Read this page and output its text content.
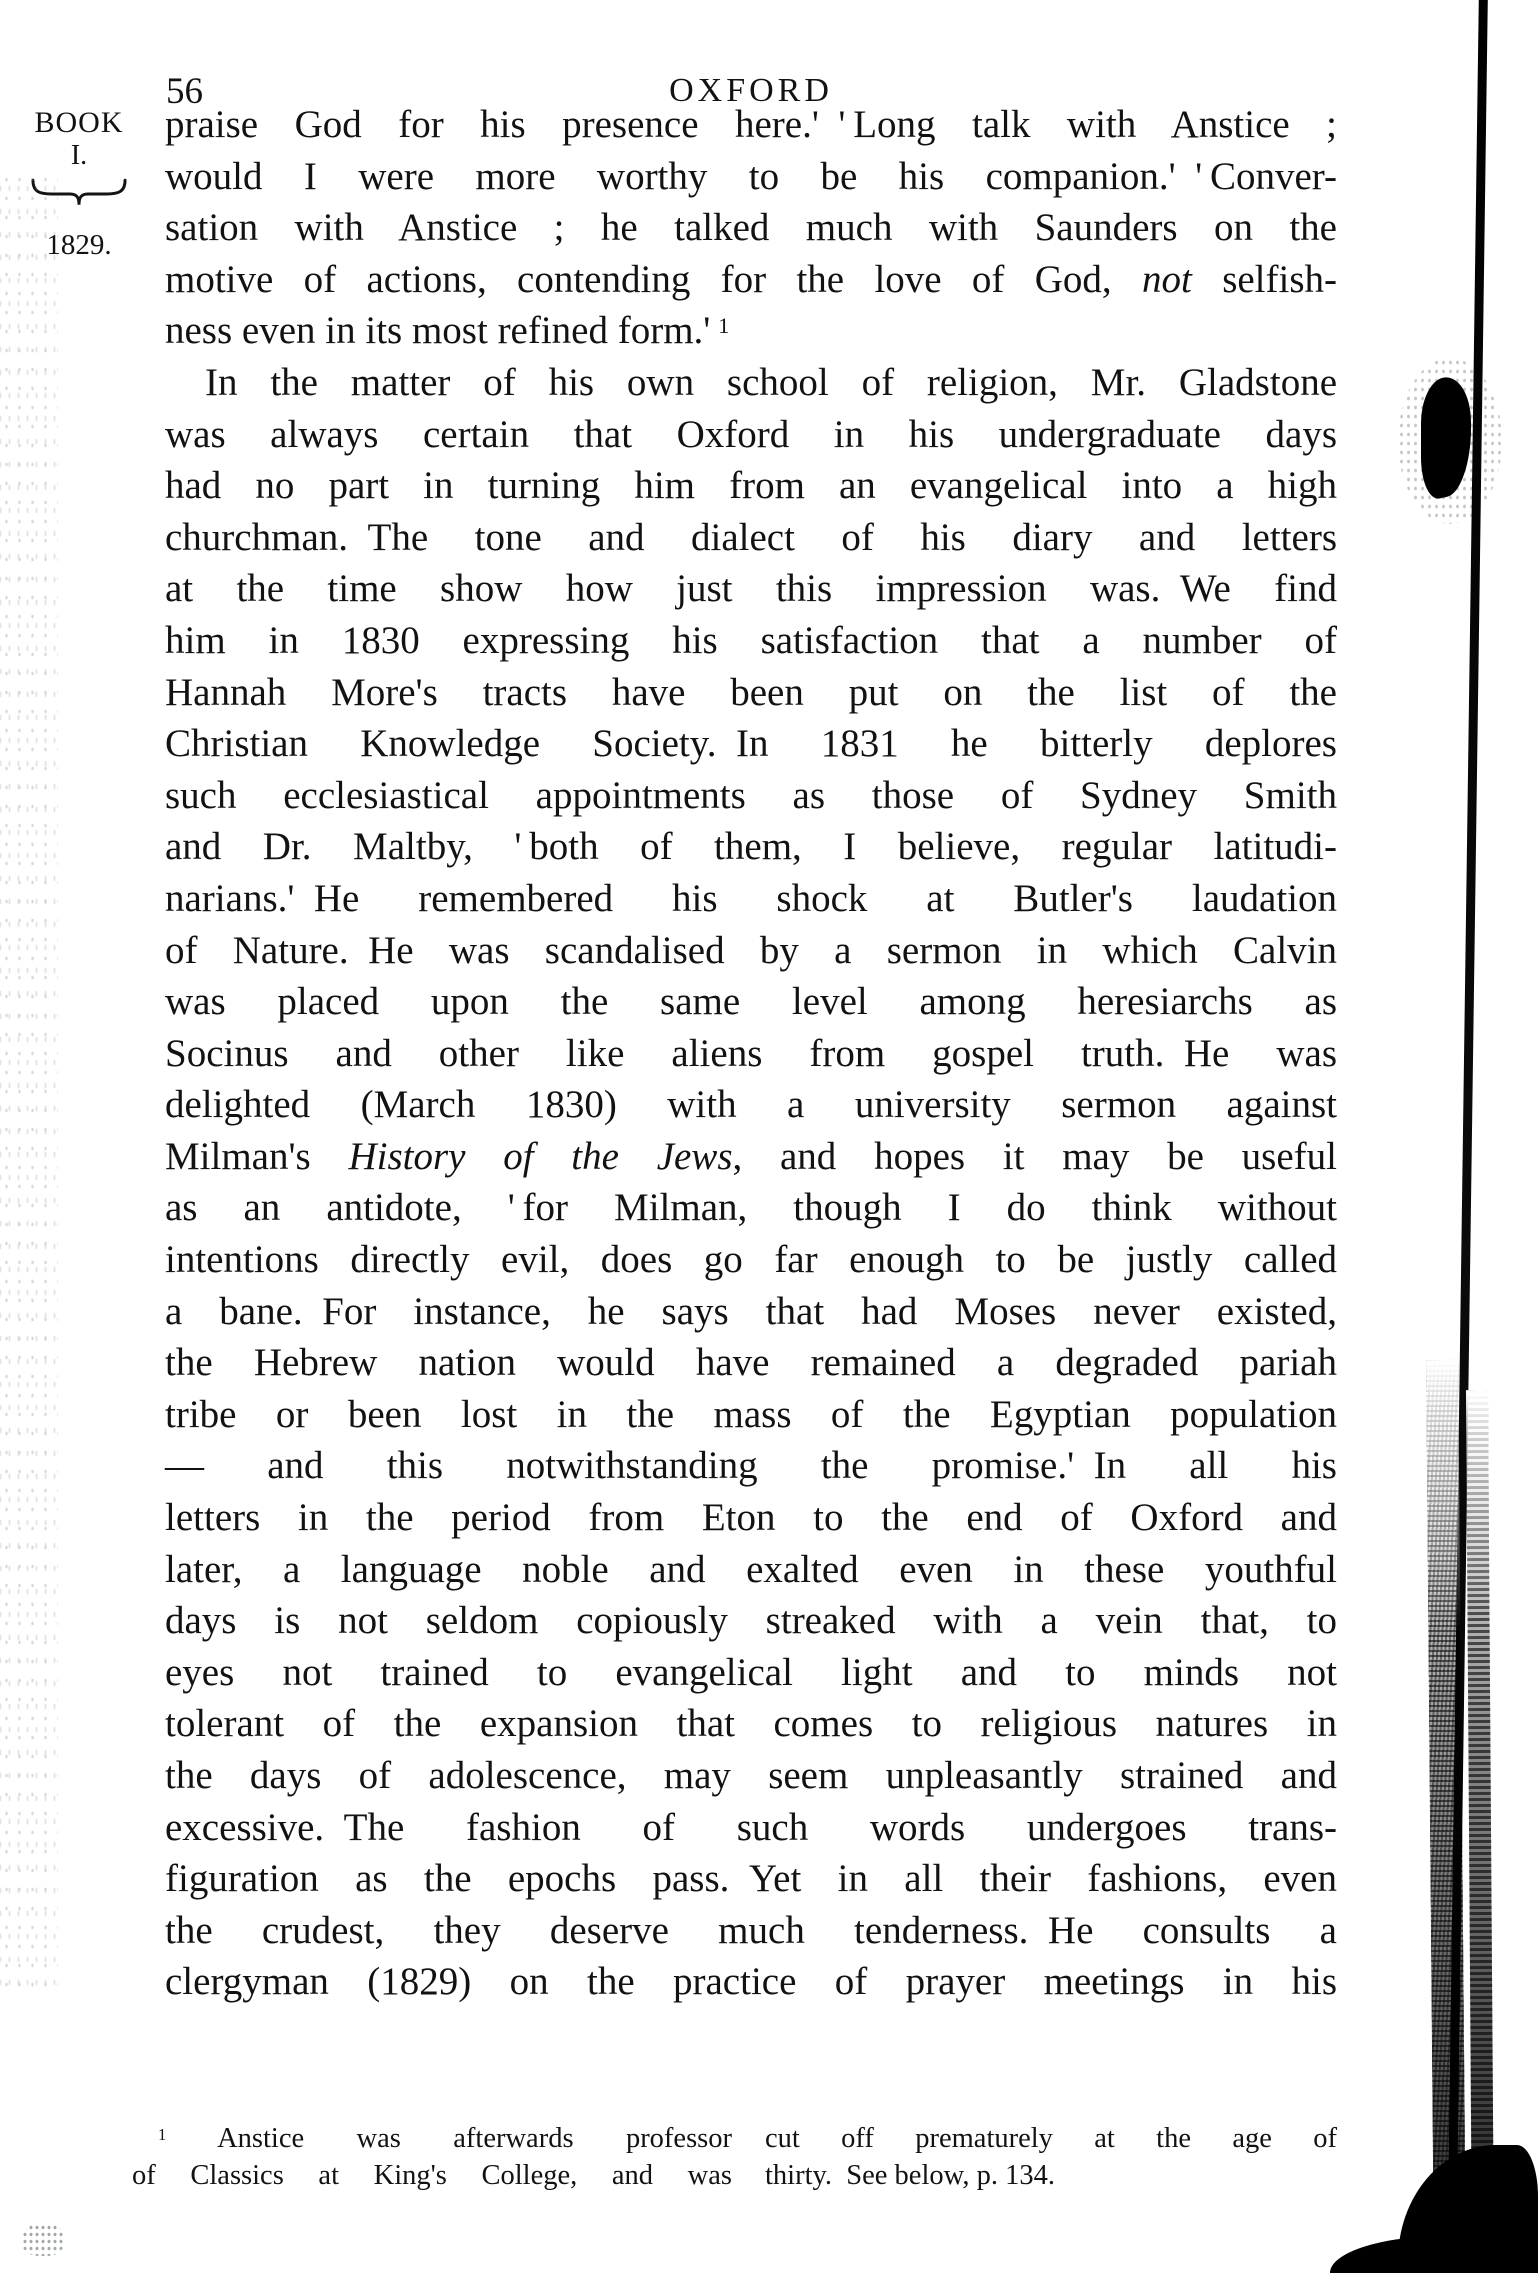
56	OXFORD
BOOK
I.
1829.
praise God for his presence here.' ' Long talk with Anstice ;
would I were more worthy to be his companion.' ' Conver-
sation with Anstice ; he talked much with Saunders on the
motive of actions, contending for the love of God, not selfish-
ness even in its most refined form.' $^1$
In the matter of his own school of religion, Mr. Gladstone
was always certain that Oxford in his undergraduate days
had no part in turning him from an evangelical into a high
churchman. The tone and dialect of his diary and letters
at the time show how just this impression was. We find
him in 1830 expressing his satisfaction that a number of
Hannah More's tracts have been put on the list of the
Christian Knowledge Society. In 1831 he bitterly deplores
such ecclesiastical appointments as those of Sydney Smith
and Dr. Maltby, ' both of them, I believe, regular latitudi-
narians.' He remembered his shock at Butler's laudation
of Nature. He was scandalised by a sermon in which Calvin
was placed upon the same level among heresiarchs as
Socinus and other like aliens from gospel truth. He was
delighted (March 1830) with a university sermon against
Milman's History of the Jews, and hopes it may be useful
as an antidote, ' for Milman, though I do think without
intentions directly evil, does go far enough to be justly called
a bane. For instance, he says that had Moses never existed,
the Hebrew nation would have remained a degraded pariah
tribe or been lost in the mass of the Egyptian population
— and this notwithstanding the promise.' In all his
letters in the period from Eton to the end of Oxford and
later, a language noble and exalted even in these youthful
days is not seldom copiously streaked with a vein that, to
eyes not trained to evangelical light and to minds not
tolerant of the expansion that comes to religious natures in
the days of adolescence, may seem unpleasantly strained and
excessive. The fashion of such words undergoes trans-
figuration as the epochs pass. Yet in all their fashions, even
the crudest, they deserve much tenderness. He consults a
clergyman (1829) on the practice of prayer meetings in his
$^1$ Anstice was afterwards professor
of Classics at King's College, and was
cut off prematurely at the age of
thirty. See below, p. 134.
